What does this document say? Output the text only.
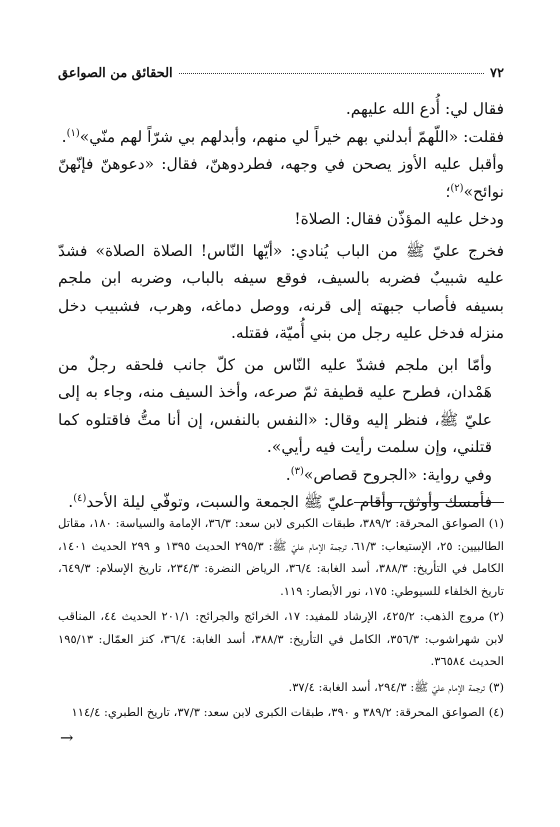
٧٢
الحقائق من الصواعق

فقال لي: أُدع الله عليهم.

فقلت: «اللّهمّ أبدلني بهم خيراً لي منهم، وأبدلهم بي شرّاً لهم منّي»$^{(١)}$.

وأقبل عليه الأوز يصحن في وجهه، فطردوهنّ، فقال: «دعوهنّ فإنّهنّ نوائح»$^{(٢)}$؛

ودخل عليه المؤذّن فقال: الصلاة!

فخرج عليّ ﷺ من الباب يُنادي: «أيّها النّاس! الصلاة الصلاة» فشدّ عليه شبيبٌ فضربه بالسيف، فوقع سيفه بالباب، وضربه ابن ملجم بسيفه فأصاب جبهته إلى قرنه، ووصل دماغه، وهرب، فشبيب دخل منزله فدخل عليه رجل من بني أُميّة، فقتله.

وأمّا ابن ملجم فشدّ عليه النّاس من كلّ جانب فلحقه رجلٌ من هَمْدان، فطرح عليه قطيفة ثمّ صرعه، وأخذ السيف منه، وجاء به إلى عليّ ﷺ، فنظر إليه وقال: «النفس بالنفس، إن أنا متُّ فاقتلوه كما قتلني، وإن سلمت رأيت فيه رأيي».

وفي رواية: «الجروح قصاص»$^{(٣)}$.

فأمسك وأوثق، وأقام عليّ ﷺ الجمعة والسبت، وتوفّي ليلة الأحد$^{(٤)}$.

(١)الصواعق المحرقة: ٣٨٩/٢، طبقات الكبرى لابن سعد: ٣٦/٣، الإمامة والسياسة: ١٨٠، مقاتل الطالبيين: ٢٥، الإستيعاب: ٦١/٣، ترجمة الإمام عليّ ﷺ: ٢٩٥/٣ الحديث ١٣٩٥ و ٢٩٩ الحديث ١٤٠١، الكامل في التأريخ: ٣٨٨/٣، أسد الغابة: ٣٦/٤، الرياض النضرة: ٢٣٤/٣، تاريخ الإسلام: ٦٤٩/٣، تاريخ الخلفاء للسيوطي: ١٧٥، نور الأبصار: ١١٩.

(٢)مروج الذهب: ٤٢٥/٢، الإرشاد للمفيد: ١٧، الخرائج والجرائح: ٢٠١/١ الحديث ٤٤، المناقب لابن شهراشوب: ٣٥٦/٣، الكامل في التأريخ: ٣٨٨/٣، أسد الغابة: ٣٦/٤، كنز العمّال: ١٩٥/١٣ الحديث ٣٦٥٨٤.

(٣)ترجمة الإمام عليّ ﷺ: ٢٩٤/٣، أسد الغابة: ٣٧/٤.

(٤)الصواعق المحرقة: ٣٨٩/٢ و ٣٩٠، طبقات الكبرى لابن سعد: ٣٧/٣، تاريخ الطبري: ١١٤/٤

→
